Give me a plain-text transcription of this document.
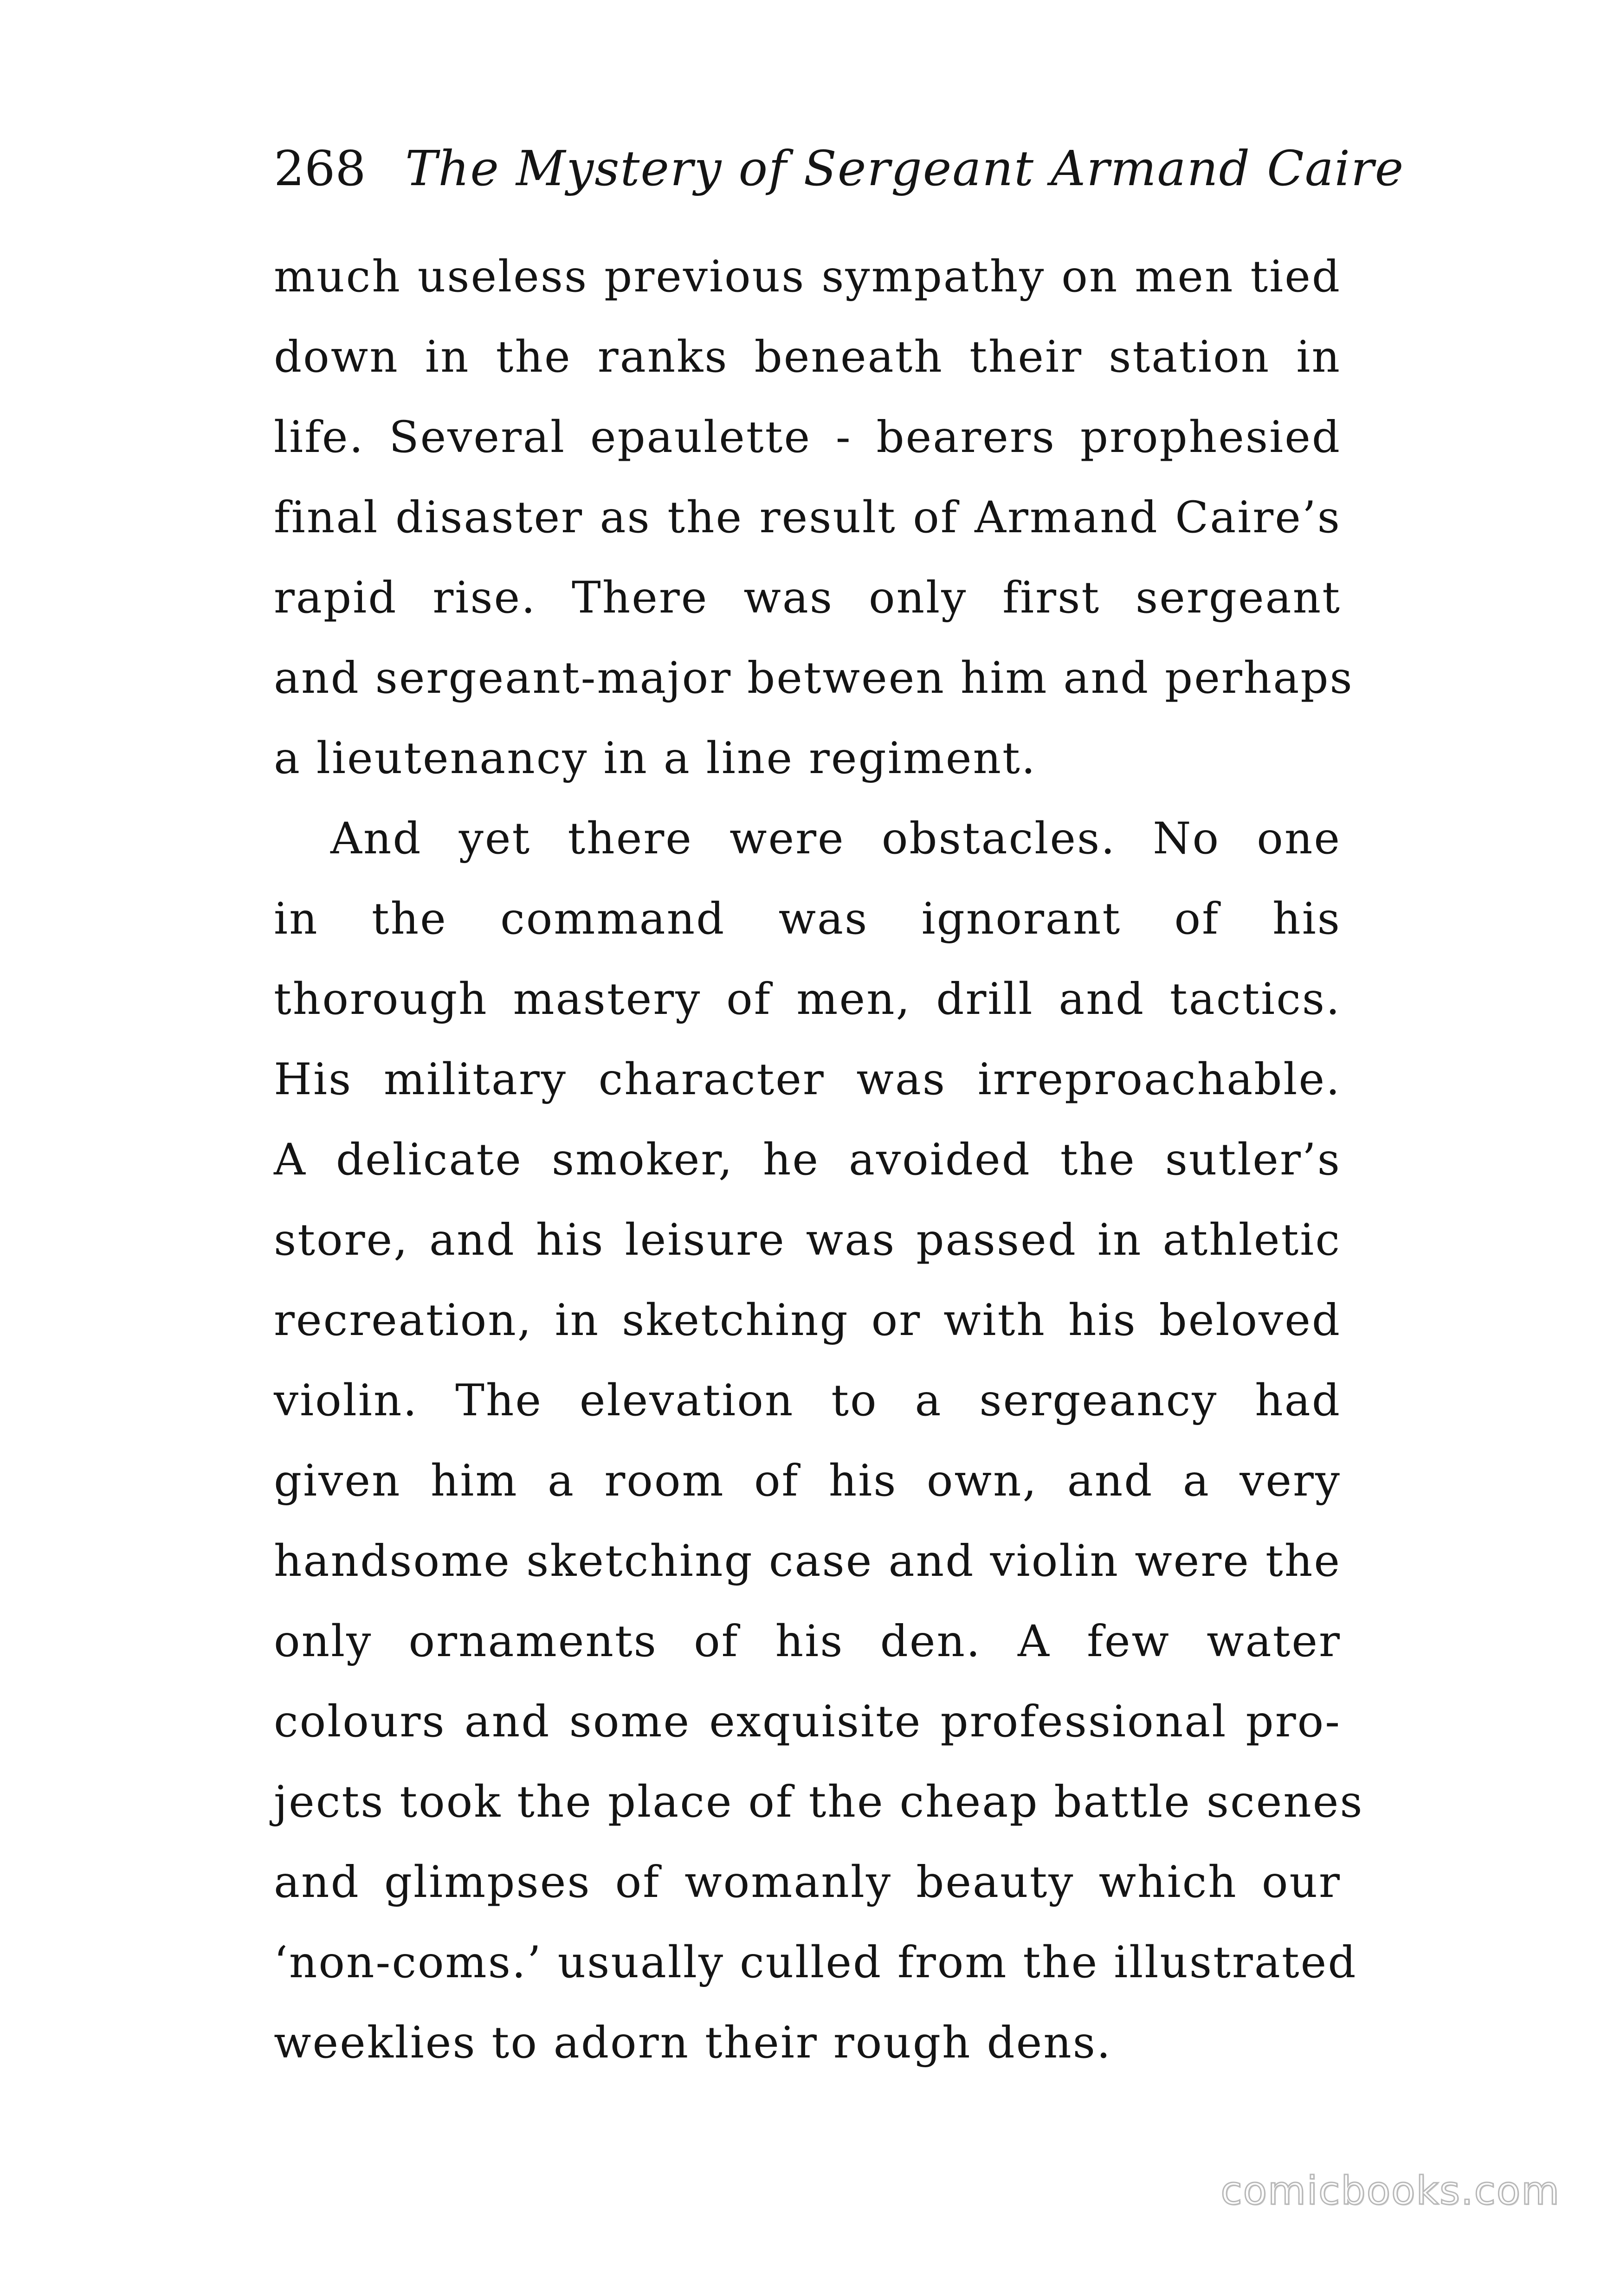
268 The Mystery of Sergeant Armand Caire
much useless previous sympathy on men tied
down in the ranks beneath their station in
life. Several epaulette - bearers prophesied
final disaster as the result of Armand Caire’s
rapid rise. There was only first sergeant
and sergeant-major between him and perhaps
a lieutenancy in a line regiment.
And yet there were obstacles. No one
in the command was ignorant of his
thorough mastery of men, drill and tactics.
His military character was irreproachable.
A delicate smoker, he avoided the sutler’s
store, and his leisure was passed in athletic
recreation, in sketching or with his beloved
violin. The elevation to a sergeancy had
given him a room of his own, and a very
handsome sketching case and violin were the
only ornaments of his den. A few water
colours and some exquisite professional pro-
jects took the place of the cheap battle scenes
and glimpses of womanly beauty which our
‘non-coms.’ usually culled from the illustrated
weeklies to adorn their rough dens.
comicbooks.com
